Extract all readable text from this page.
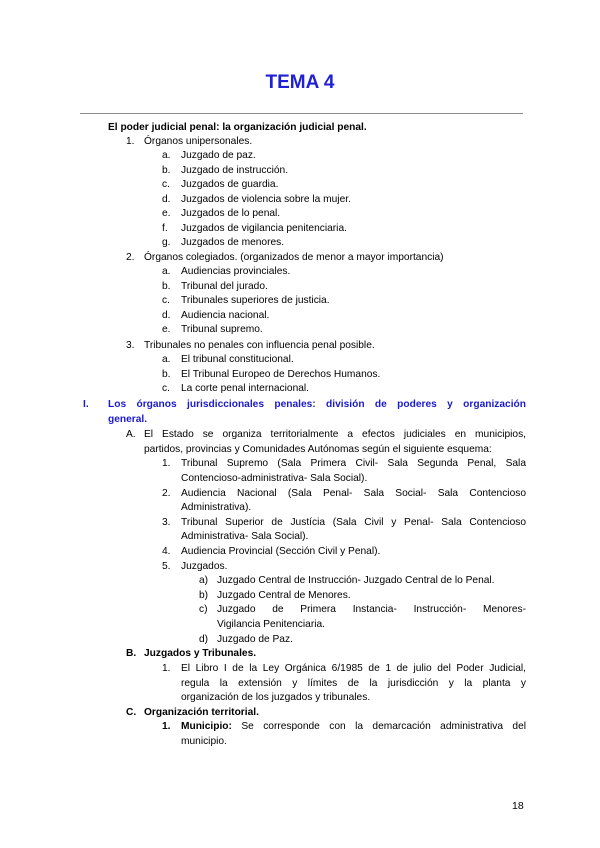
TEMA 4
El poder judicial penal: la organización judicial penal.
1. Órganos unipersonales.
a. Juzgado de paz.
b. Juzgado de instrucción.
c. Juzgados de guardia.
d. Juzgados de violencia sobre la mujer.
e. Juzgados de lo penal.
f. Juzgados de vigilancia penitenciaria.
g. Juzgados de menores.
2. Órganos colegiados. (organizados de menor a mayor importancia)
a. Audiencias provinciales.
b. Tribunal del jurado.
c. Tribunales superiores de justicia.
d. Audiencia nacional.
e. Tribunal supremo.
3. Tribunales no penales con influencia penal posible.
a. El tribunal constitucional.
b. El Tribunal Europeo de Derechos Humanos.
c. La corte penal internacional.
I. Los órganos jurisdiccionales penales: división de poderes y organización
general.
A. El Estado se organiza territorialmente a efectos judiciales en municipios,
partidos, provincias y Comunidades Autónomas según el siguiente esquema:
1. Tribunal Supremo (Sala Primera Civil- Sala Segunda Penal, Sala
Contencioso-administrativa- Sala Social).
2. Audiencia Nacional (Sala Penal- Sala Social- Sala Contencioso
Administrativa).
3. Tribunal Superior de Justícia (Sala Civil y Penal- Sala Contencioso
Administrativa- Sala Social).
4. Audiencia Provincial (Sección Civil y Penal).
5. Juzgados.
a) Juzgado Central de Instrucción- Juzgado Central de lo Penal.
b) Juzgado Central de Menores.
c) Juzgado de Primera Instancia- Instrucción- Menores-
Vigilancia Penitenciaria.
d) Juzgado de Paz.
B. Juzgados y Tribunales.
1. El Libro I de la Ley Orgánica 6/1985 de 1 de julio del Poder Judicial,
regula la extensión y límites de la jurisdicción y la planta y
organización de los juzgados y tribunales.
C. Organización territorial.
1. Municipio: Se corresponde con la demarcación administrativa del
municipio.
18
